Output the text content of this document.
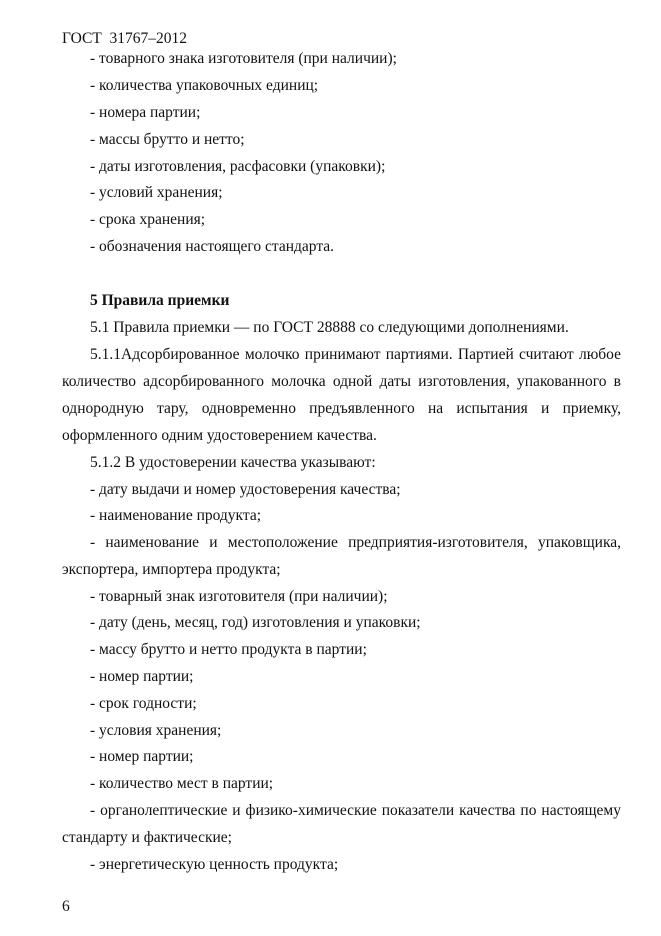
ГОСТ  31767–2012
- товарного знака изготовителя (при наличии);
- количества упаковочных единиц;
- номера партии;
- массы брутто и нетто;
- даты изготовления, расфасовки (упаковки);
- условий хранения;
- срока хранения;
- обозначения настоящего стандарта.
5 Правила приемки
5.1 Правила приемки — по ГОСТ 28888 со следующими дополнениями.
5.1.1Адсорбированное молочко принимают партиями. Партией считают любое
количество адсорбированного молочка одной даты изготовления, упакованного в
однородную тару, одновременно предъявленного на испытания и приемку,
оформленного одним удостоверением качества.
5.1.2 В удостоверении качества указывают:
- дату выдачи и номер удостоверения качества;
- наименование продукта;
- наименование и местоположение предприятия-изготовителя, упаковщика,
экспортера, импортера продукта;
- товарный знак изготовителя (при наличии);
- дату (день, месяц, год) изготовления и упаковки;
- массу брутто и нетто продукта в партии;
- номер партии;
- срок годности;
- условия хранения;
- номер партии;
- количество мест в партии;
- органолептические и физико-химические показатели качества по настоящему
стандарту и фактические;
- энергетическую ценность продукта;
6
